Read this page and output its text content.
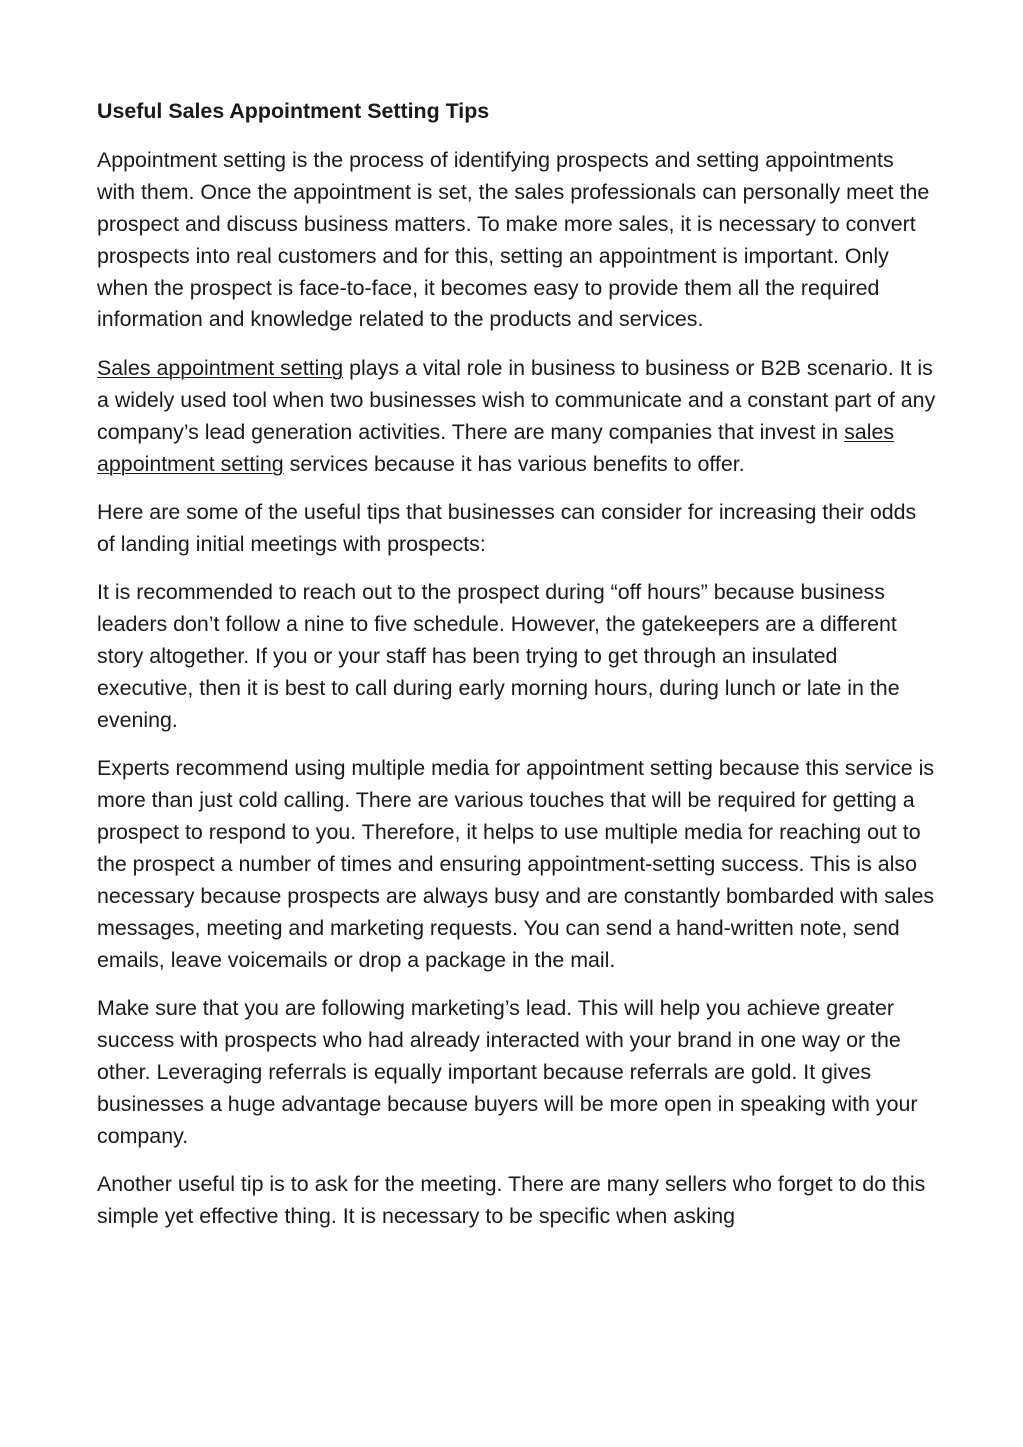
Useful Sales Appointment Setting Tips

Appointment setting is the process of identifying prospects and setting appointments with them. Once the appointment is set, the sales professionals can personally meet the prospect and discuss business matters. To make more sales, it is necessary to convert prospects into real customers and for this, setting an appointment is important. Only when the prospect is face-to-face, it becomes easy to provide them all the required information and knowledge related to the products and services.

Sales appointment setting plays a vital role in business to business or B2B scenario. It is a widely used tool when two businesses wish to communicate and a constant part of any company’s lead generation activities. There are many companies that invest in sales appointment setting services because it has various benefits to offer.

Here are some of the useful tips that businesses can consider for increasing their odds of landing initial meetings with prospects:

It is recommended to reach out to the prospect during “off hours” because business leaders don’t follow a nine to five schedule. However, the gatekeepers are a different story altogether. If you or your staff has been trying to get through an insulated executive, then it is best to call during early morning hours, during lunch or late in the evening.

Experts recommend using multiple media for appointment setting because this service is more than just cold calling. There are various touches that will be required for getting a prospect to respond to you. Therefore, it helps to use multiple media for reaching out to the prospect a number of times and ensuring appointment-setting success. This is also necessary because prospects are always busy and are constantly bombarded with sales messages, meeting and marketing requests. You can send a hand-written note, send emails, leave voicemails or drop a package in the mail.

Make sure that you are following marketing’s lead. This will help you achieve greater success with prospects who had already interacted with your brand in one way or the other. Leveraging referrals is equally important because referrals are gold. It gives businesses a huge advantage because buyers will be more open in speaking with your company.

Another useful tip is to ask for the meeting. There are many sellers who forget to do this simple yet effective thing. It is necessary to be specific when asking
